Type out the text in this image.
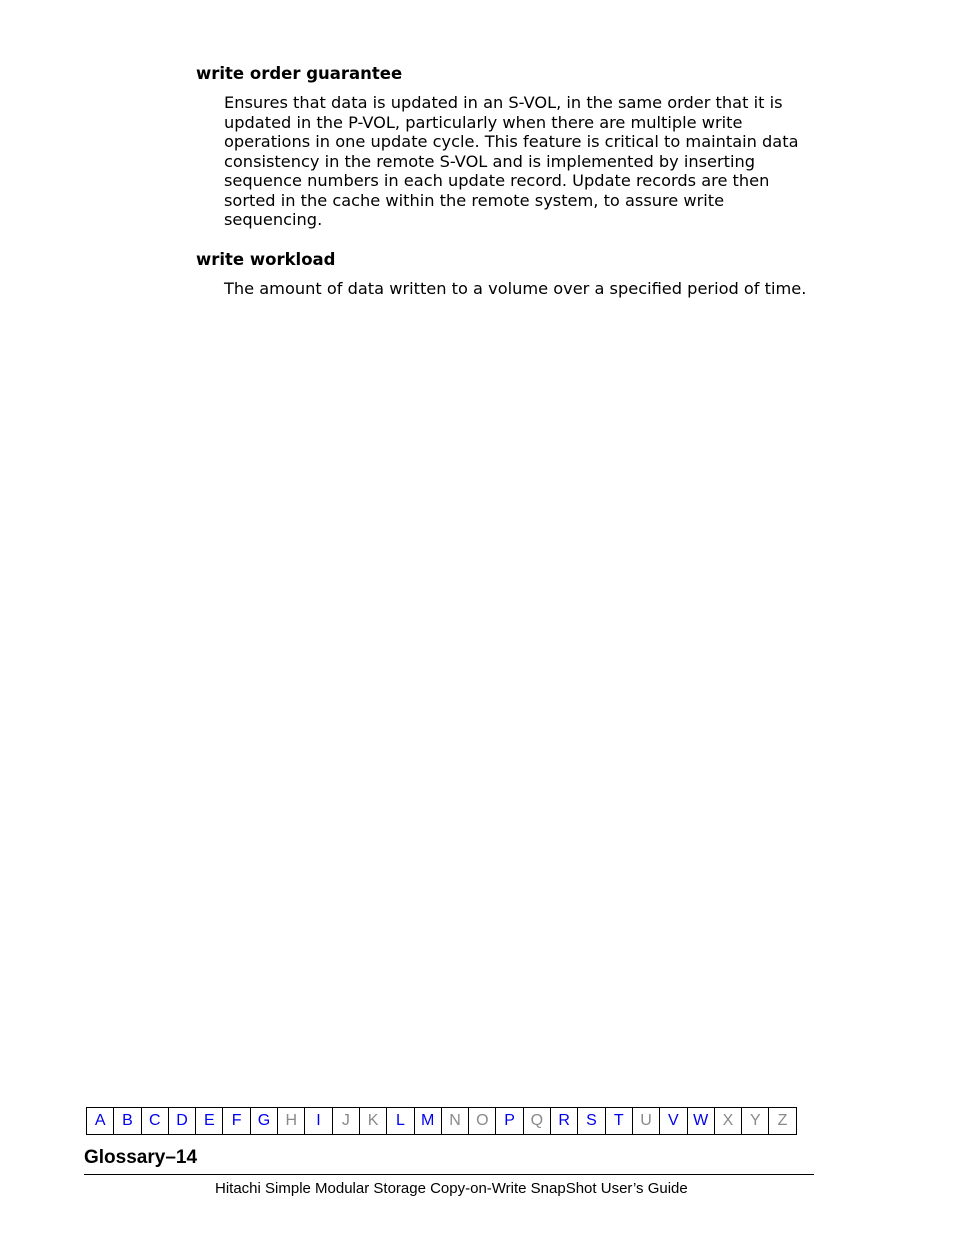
write order guarantee

Ensures that data is updated in an S-VOL, in the same order that it is updated in the P-VOL, particularly when there are multiple write operations in one update cycle. This feature is critical to maintain data consistency in the remote S-VOL and is implemented by inserting sequence numbers in each update record. Update records are then sorted in the cache within the remote system, to assure write sequencing.

write workload

The amount of data written to a volume over a specified period of time.

A	B	C D	E	F	G H	I	J	K	L	M N O P Q R	S	T	U	V W X	Y	Z

Glossary–14

Hitachi Simple Modular Storage Copy-on-Write SnapShot User’s Guide
